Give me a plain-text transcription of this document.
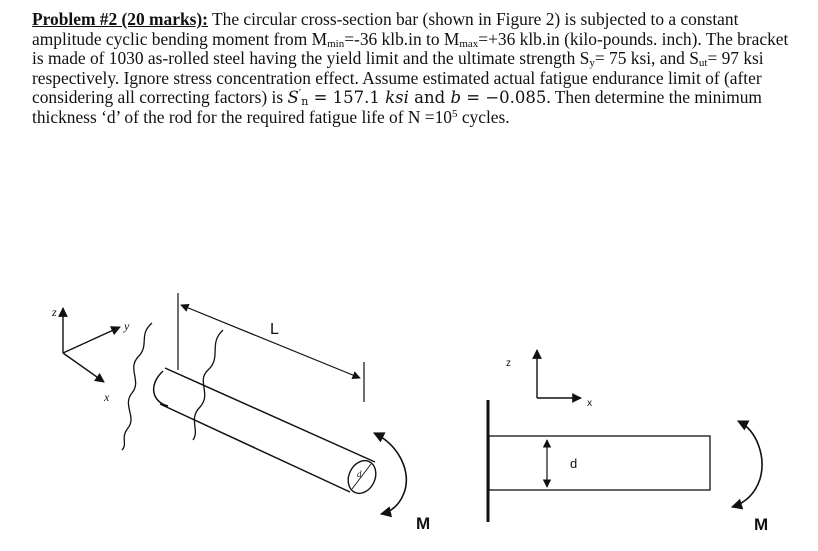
Problem #2 (20 marks): The circular cross-section bar (shown in Figure 2) is subjected to a constant amplitude cyclic bending moment from $M_{min}=-36$ klb.in to $M_{max}=+36$ klb.in (kilo-pounds. inch). The bracket is made of 1030 as-rolled steel having the yield limit and the ultimate strength $S_y= 75$ ksi, and $S_{ut}= 97$ ksi respectively. Ignore stress concentration effect. Assume estimated actual fatigue endurance limit of (after considering all correcting factors) is $S'_n = 157.1$ ksi and b = −0.085. Then determine the minimum thickness ‘d’ of the rod for the required fatigue life of $N =10^5$ cycles.
z
y
x
d
L
M
z
x
d
M
